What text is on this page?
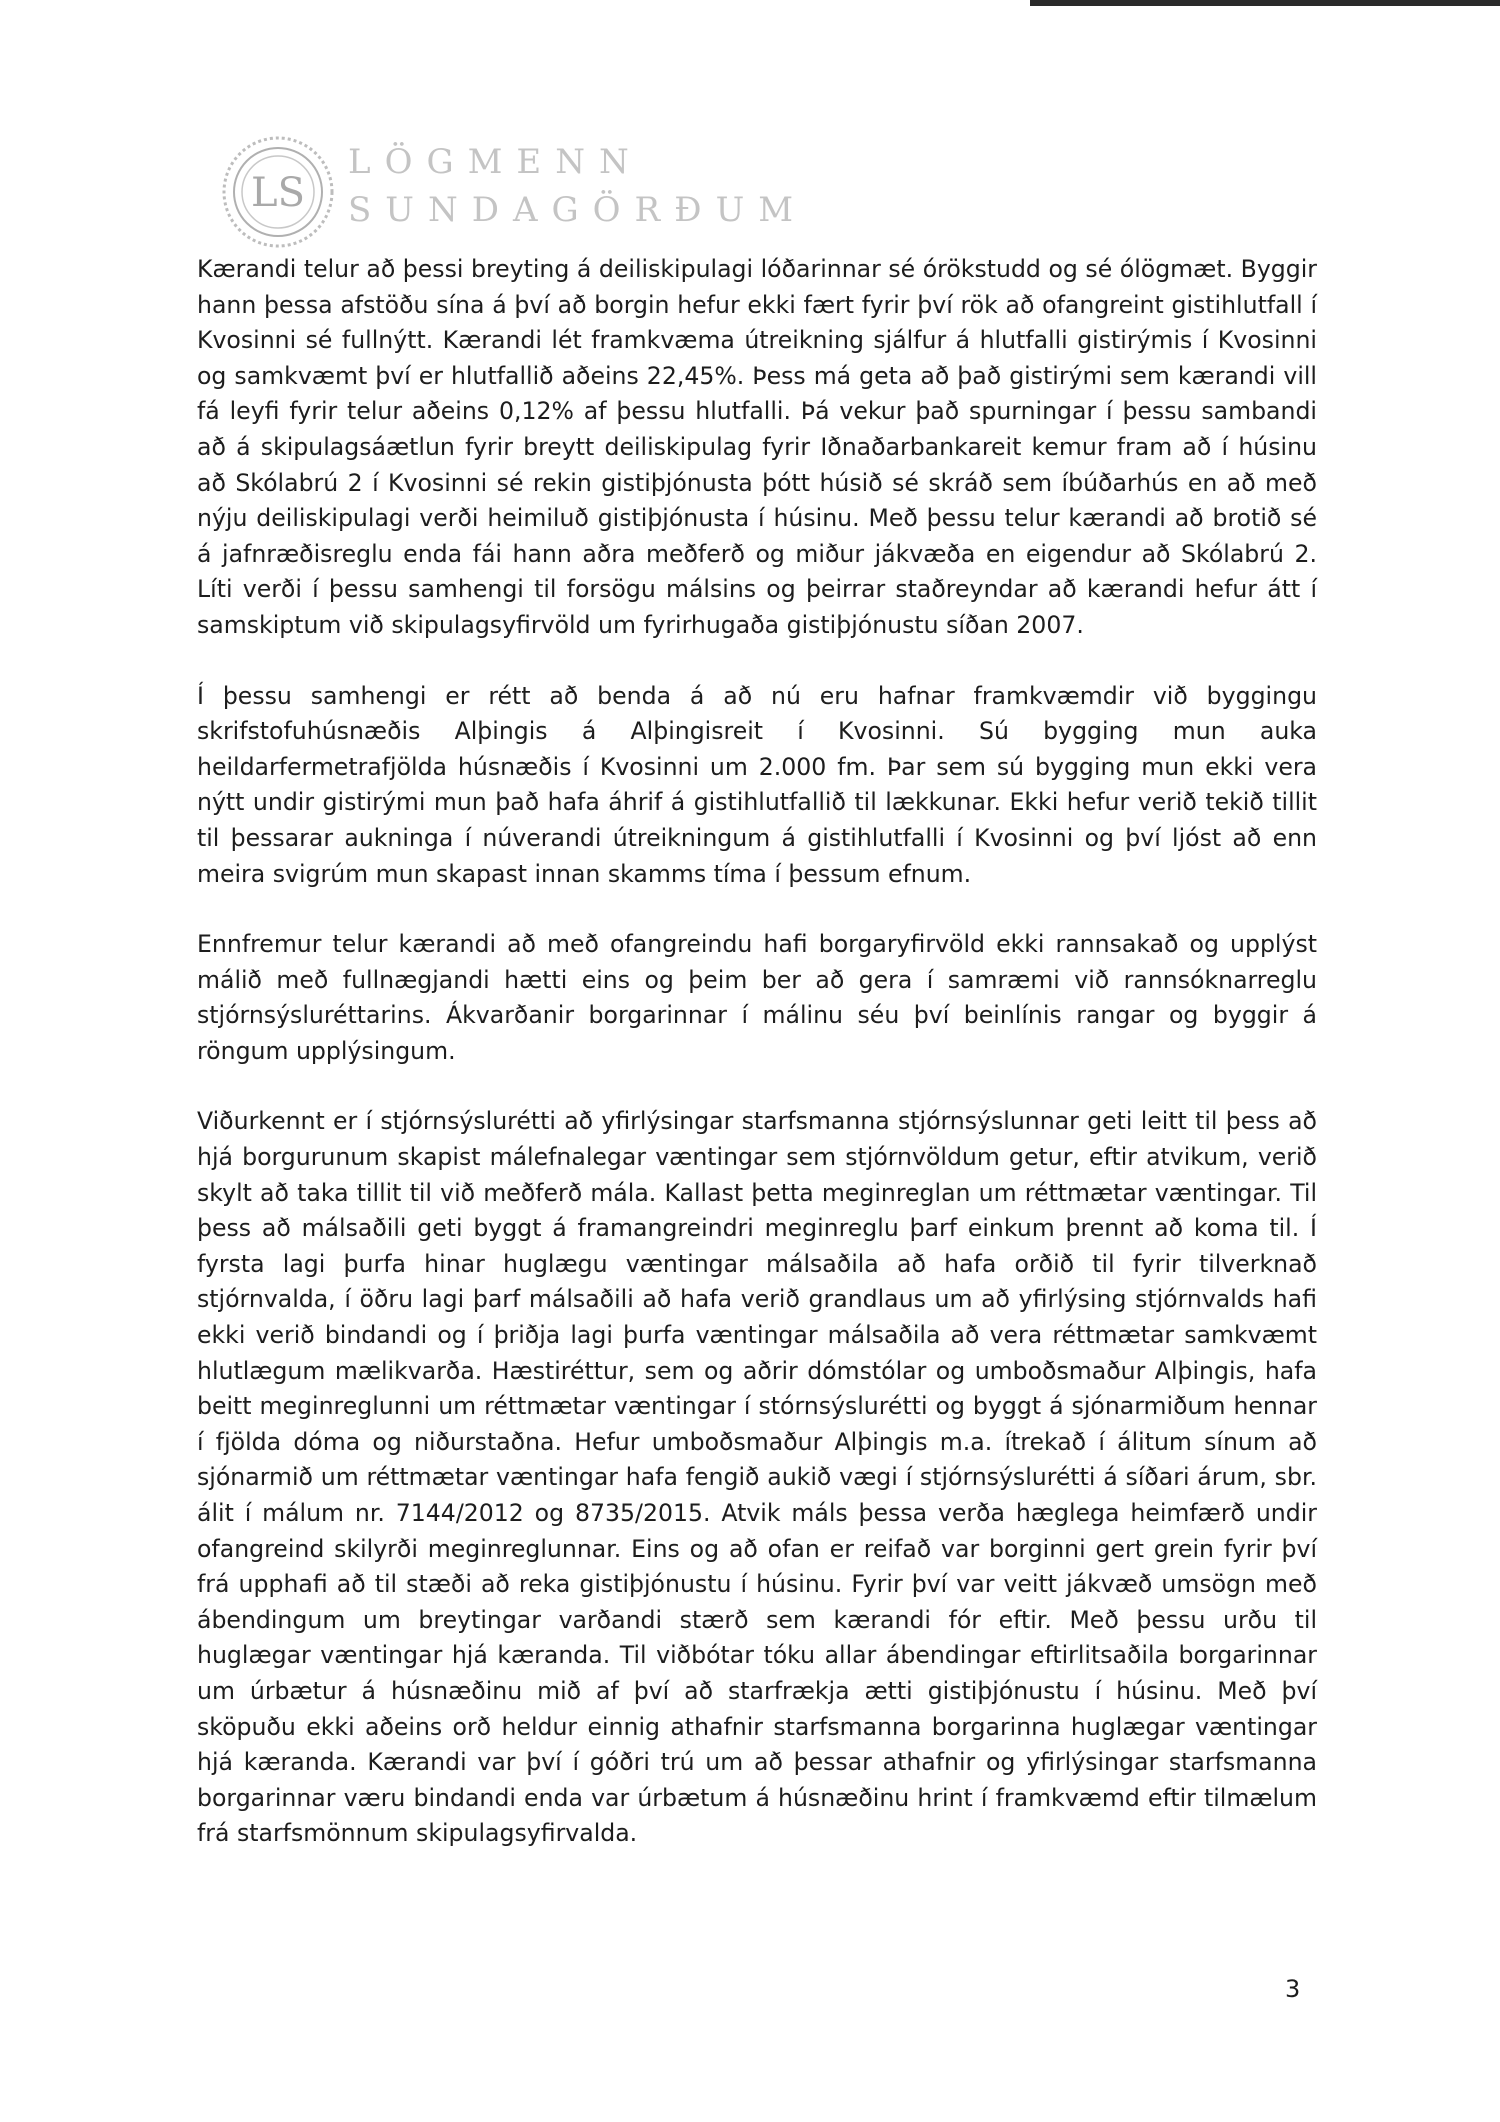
LS
LÖGMENN
SUNDAGÖRÐUM

Kærandi telur að þessi breyting á deiliskipulagi lóðarinnar sé órökstudd og sé ólögmæt. Byggir hann þessa afstöðu sína á því að borgin hefur ekki fært fyrir því rök að ofangreint gistihlutfall í Kvosinni sé fullnýtt. Kærandi lét framkvæma útreikning sjálfur á hlutfalli gistirýmis í Kvosinni og samkvæmt því er hlutfallið aðeins 22,45%. Þess má geta að það gistirými sem kærandi vill fá leyfi fyrir telur aðeins 0,12% af þessu hlutfalli. Þá vekur það spurningar í þessu sambandi að á skipulagsáætlun fyrir breytt deiliskipulag fyrir Iðnaðarbankareit kemur fram að í húsinu að Skólabrú 2 í Kvosinni sé rekin gistiþjónusta þótt húsið sé skráð sem íbúðarhús en að með nýju deiliskipulagi verði heimiluð gistiþjónusta í húsinu. Með þessu telur kærandi að brotið sé á jafnræðisreglu enda fái hann aðra meðferð og miður jákvæða en eigendur að Skólabrú 2. Líti verði í þessu samhengi til forsögu málsins og þeirrar staðreyndar að kærandi hefur átt í samskiptum við skipulagsyfirvöld um fyrirhugaða gistiþjónustu síðan 2007.

Í þessu samhengi er rétt að benda á að nú eru hafnar framkvæmdir við byggingu skrifstofuhúsnæðis Alþingis á Alþingisreit í Kvosinni. Sú bygging mun auka heildarfermetrafjölda húsnæðis í Kvosinni um 2.000 fm. Þar sem sú bygging mun ekki vera nýtt undir gistirými mun það hafa áhrif á gistihlutfallið til lækkunar. Ekki hefur verið tekið tillit til þessarar aukninga í núverandi útreikningum á gistihlutfalli í Kvosinni og því ljóst að enn meira svigrúm mun skapast innan skamms tíma í þessum efnum.

Ennfremur telur kærandi að með ofangreindu hafi borgaryfirvöld ekki rannsakað og upplýst málið með fullnægjandi hætti eins og þeim ber að gera í samræmi við rannsóknarreglu stjórnsýsluréttarins. Ákvarðanir borgarinnar í málinu séu því beinlínis rangar og byggir á röngum upplýsingum.

Viðurkennt er í stjórnsýslurétti að yfirlýsingar starfsmanna stjórnsýslunnar geti leitt til þess að hjá borgurunum skapist málefnalegar væntingar sem stjórnvöldum getur, eftir atvikum, verið skylt að taka tillit til við meðferð mála. Kallast þetta meginreglan um réttmætar væntingar. Til þess að málsaðili geti byggt á framangreindri meginreglu þarf einkum þrennt að koma til. Í fyrsta lagi þurfa hinar huglægu væntingar málsaðila að hafa orðið til fyrir tilverknað stjórnvalda, í öðru lagi þarf málsaðili að hafa verið grandlaus um að yfirlýsing stjórnvalds hafi ekki verið bindandi og í þriðja lagi þurfa væntingar málsaðila að vera réttmætar samkvæmt hlutlægum mælikvarða. Hæstiréttur, sem og aðrir dómstólar og umboðsmaður Alþingis, hafa beitt meginreglunni um réttmætar væntingar í stórnsýslurétti og byggt á sjónarmiðum hennar í fjölda dóma og niðurstaðna. Hefur umboðsmaður Alþingis m.a. ítrekað í álitum sínum að sjónarmið um réttmætar væntingar hafa fengið aukið vægi í stjórnsýslurétti á síðari árum, sbr. álit í málum nr. 7144/2012 og 8735/2015. Atvik máls þessa verða hæglega heimfærð undir ofangreind skilyrði meginreglunnar. Eins og að ofan er reifað var borginni gert grein fyrir því frá upphafi að til stæði að reka gistiþjónustu í húsinu. Fyrir því var veitt jákvæð umsögn með ábendingum um breytingar varðandi stærð sem kærandi fór eftir. Með þessu urðu til huglægar væntingar hjá kæranda. Til viðbótar tóku allar ábendingar eftirlitsaðila borgarinnar um úrbætur á húsnæðinu mið af því að starfrækja ætti gistiþjónustu í húsinu. Með því sköpuðu ekki aðeins orð heldur einnig athafnir starfsmanna borgarinna huglægar væntingar hjá kæranda. Kærandi var því í góðri trú um að þessar athafnir og yfirlýsingar starfsmanna borgarinnar væru bindandi enda var úrbætum á húsnæðinu hrint í framkvæmd eftir tilmælum frá starfsmönnum skipulagsyfirvalda.

3
